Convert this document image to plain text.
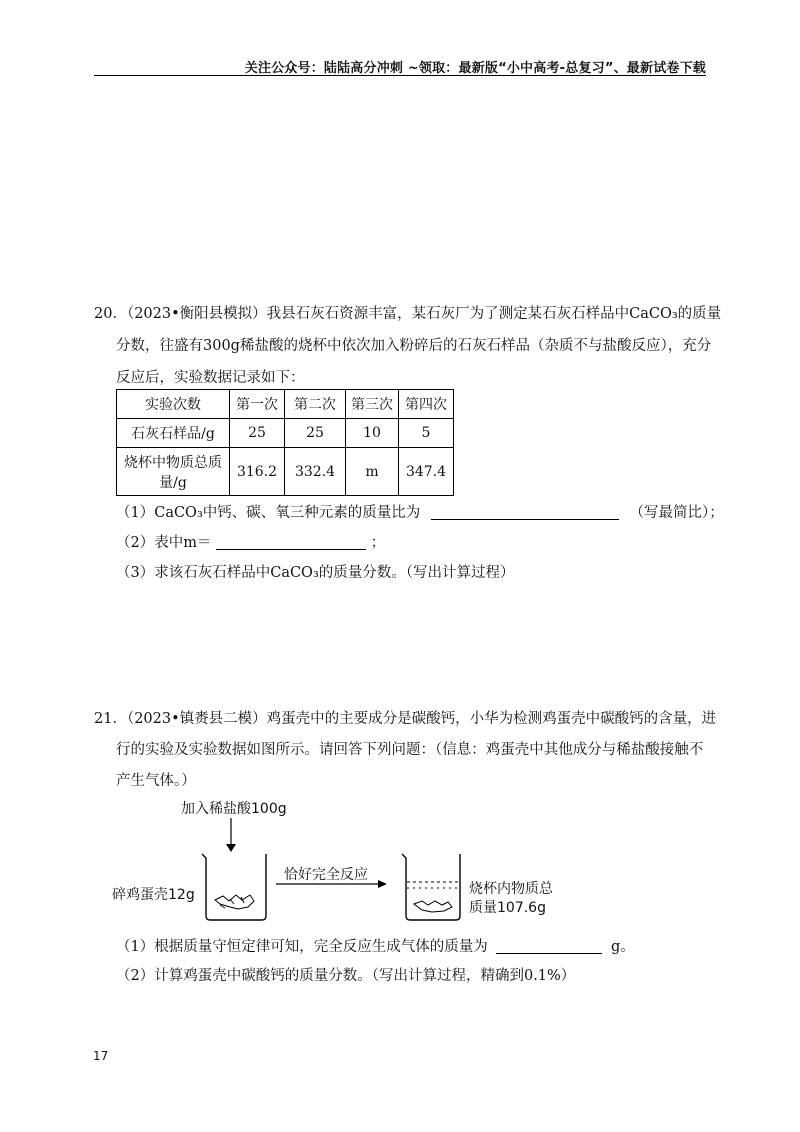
关注公众号：陆陆高分冲刺 ~领取：最新版“小中高考-总复习”、最新试卷下载
20．（2023•衡阳县模拟）我县石灰石资源丰富，某石灰厂为了测定某石灰石样品中CaCO₃的质量
分数，往盛有300g稀盐酸的烧杯中依次加入粉碎后的石灰石样品（杂质不与盐酸反应），充分
反应后，实验数据记录如下：
实验次数	第一次	第二次	第三次	第四次
石灰石样品/g	25	25	10	5

烧杯中物质总质
量/g	316.2	332.4	m	347.4
（1）CaCO₃中钙、碳、氧三种元素的质量比为	（写最简比）；
（2）表中m＝	；
（3）求该石灰石样品中CaCO₃的质量分数。（写出计算过程）
21．（2023•镇赉县二模）鸡蛋壳中的主要成分是碳酸钙，小华为检测鸡蛋壳中碳酸钙的含量，进
行的实验及实验数据如图所示。请回答下列问题：（信息：鸡蛋壳中其他成分与稀盐酸接触不
产生气体。）
加入稀盐酸100g
碎鸡蛋壳12g
恰好完全反应
烧杯内物质总
质量107.6g
（1）根据质量守恒定律可知，完全反应生成气体的质量为	g。
（2）计算鸡蛋壳中碳酸钙的质量分数。（写出计算过程，精确到0.1%）
17
